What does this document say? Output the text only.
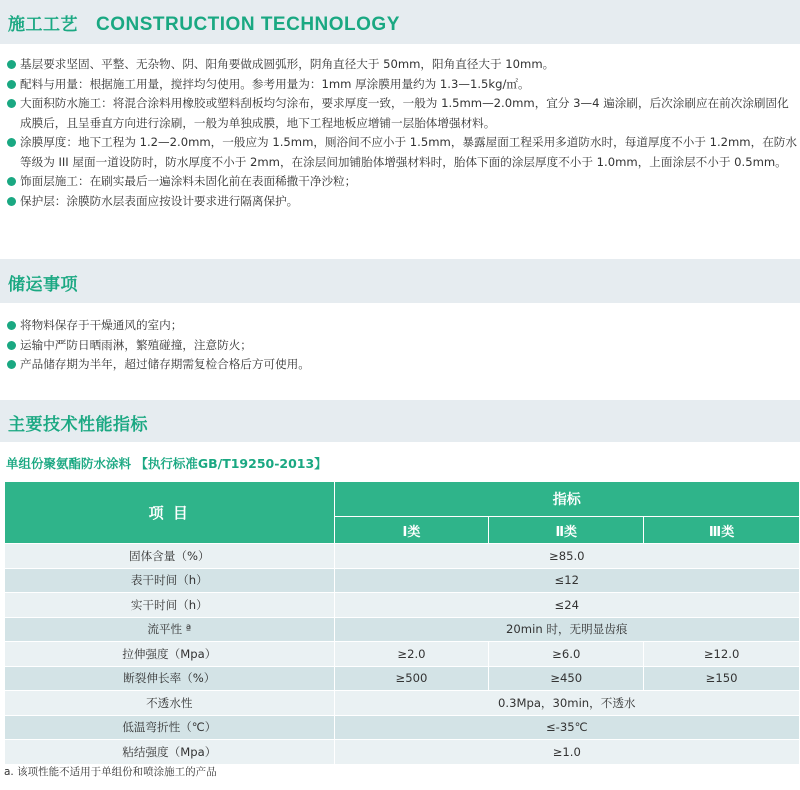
施工工艺 CONSTRUCTION TECHNOLOGY
基层要求坚固、平整、无杂物、阴、阳角要做成圆弧形，阴角直径大于 50mm，阳角直径大于 10mm。
配料与用量：根据施工用量，搅拌均匀使用。参考用量为：1mm 厚涂膜用量约为 1.3—1.5kg/㎡。
大面积防水施工：将混合涂料用橡胶或塑料刮板均匀涂布，要求厚度一致，一般为 1.5mm—2.0mm，宜分 3—4 遍涂刷，后次涂刷应在前次涂刷固化成膜后，且呈垂直方向进行涂刷，一般为单独成膜，地下工程地板应增铺一层胎体增强材料。
涂膜厚度：地下工程为 1.2—2.0mm，一般应为 1.5mm，厕浴间不应小于 1.5mm，暴露屋面工程采用多道防水时，每道厚度不小于 1.2mm，在防水等级为 III 屋面一道设防时，防水厚度不小于 2mm，在涂层间加铺胎体增强材料时，胎体下面的涂层厚度不小于 1.0mm，上面涂层不小于 0.5mm。
饰面层施工：在刷实最后一遍涂料未固化前在表面稀撒干净沙粒；
保护层：涂膜防水层表面应按设计要求进行隔离保护。
储运事项
将物料保存于干燥通风的室内；
运输中严防日晒雨淋，繁殖碰撞，注意防火；
产品储存期为半年，超过储存期需复检合格后方可使用。
主要技术性能指标
单组份聚氨酯防水涂料 【执行标准GB/T19250-2013】
项 目	指标		
	Ⅰ类	Ⅱ类	Ⅲ类
固体含量（%）	≥85.0		
表干时间（h）	≤12		
实干时间（h）	≤24		
流平性 ª	20min 时，无明显齿痕		
拉伸强度（Mpa）	≥2.0	≥6.0	≥12.0
断裂伸长率（%）	≥500	≥450	≥150
不透水性	0.3Mpa，30min，不透水		
低温弯折性（℃）	≤-35℃		
粘结强度（Mpa）	≥1.0		
a. 该项性能不适用于单组份和喷涂施工的产品
